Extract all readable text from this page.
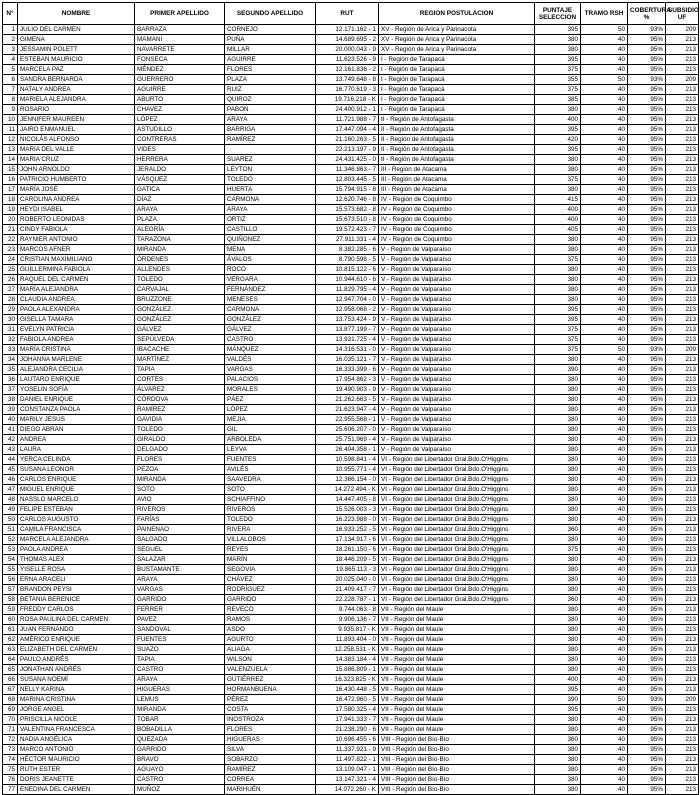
N°	NOMBRE	PRIMER APELLIDO	SEGUNDO APELLIDO	RUT	REGION POSTULACION	PUNTAJE SELECCION	TRAMO RSH	COBERTURA %	SUBSIDIO UF
1	JULIO DEL CARMEN	BARRAZA	CORNEJO	12.171.162 - 1	XV - Región de Arica y Parinacota	395	50	93%	209
2	GIMENA	MAMANI	PUÑA	14.689.695 - 2	XV - Región de Arica y Parinacota	380	40	95%	213
3	JESSAMIN POLETT	NAVARRETE	MILLAR	20.000.043 - 9	XV - Región de Arica y Parinacota	380	40	95%	213
4	ESTEBAN MAURICIO	FONSECA	AGUIRRE	11.623.526 - 9	I - Región de Tarapacá	395	40	95%	213
5	MARCELA PAZ	MÉNDEZ	FLORES	12.161.836 - 2	I - Región de Tarapacá	375	40	95%	213
6	SANDRA BERNARDA	GUERRERO	PLAZA	13.749.648 - 8	I - Región de Tarapacá	355	50	93%	209
7	NATALY ANDREA	AGUIRRE	RUIZ	16.770.619 - 3	I - Región de Tarapacá	375	40	95%	213
8	MARIELA ALEJANDRA	ABURTO	QUIROZ	19.716.218 - K	I - Región de Tarapacá	385	40	95%	213
9	ROSARIO	CHAVEZ	PABON	24.400.912 - 1	I - Región de Tarapacá	380	40	95%	213
10	JENNIFER MAUREEN	LÓPEZ	ARAYA	11.721.988 - 7	II - Región de Antofagasta	400	40	95%	213
11	JAIRO ENMANUEL	ASTUDILLO	BARRIGA	17.447.094 - 4	II - Región de Antofagasta	395	40	95%	213
12	NICOLÁS ALFONSO	CONTRERAS	RAMÍREZ	21.160.263 - 5	II - Región de Antofagasta	420	40	95%	213
13	MARIA DEL VALLE	VIDES		22.213.197 - 9	II - Región de Antofagasta	395	40	95%	213
14	MARIA CRUZ	HERRERA	SUAREZ	24.431.425 - 0	II - Región de Antofagasta	380	40	95%	213
15	JOHN ARNOLDO	JERALDO	LEYTON	11.346.863 - 7	III - Región de Atacama	380	40	95%	213
16	PATRICIO HUMBERTO	VÁSQUEZ	TOLEDO	12.803.445 - 5	III - Región de Atacama	375	40	95%	213
17	MARÍA JOSÉ	GATICA	HUERTA	15.794.915 - 8	III - Región de Atacama	380	40	95%	213
18	CAROLINA ANDREA	DÍAZ	CARMONA	12.620.746 - 8	IV - Región de Coquimbo	415	40	95%	213
19	HEYDI ISABEL	ARAYA	ARAYA	15.573.682 - 8	IV - Región de Coquimbo	400	40	95%	213
20	ROBERTO LEONIDAS	PLAZA	ORTIZ	15.673.510 - 8	IV - Región de Coquimbo	400	40	95%	213
21	CINDY FABIOLA	ALEGRÍA	CASTILLO	19.572.423 - 7	IV - Región de Coquimbo	405	40	95%	213
22	RAYNIER ANTONIO	TARAZONA	QUIÑONEZ	27.911.331 - 4	IV - Región de Coquimbo	380	40	95%	213
23	MARCOS AFNER	MIRANDA	MENA	8.382.285 - 6	V - Región de Valparaíso	380	40	95%	213
24	CRISTIAN MAXIMILIANO	ÓRDENES	ÁVALOS	8.790.598 - 5	V - Región de Valparaíso	375	40	95%	213
25	GUILLERMINA FABIOLA	ALLENDES	ROCO	10.815.122 - 6	V - Región de Valparaíso	380	40	95%	213
26	RAQUEL DEL CARMEN	TOLEDO	VERGARA	10.944.610 - 6	V - Región de Valparaíso	380	40	95%	213
27	MARÍA ALEJANDRA	CARVAJAL	FERNÁNDEZ	11.829.795 - 4	V - Región de Valparaíso	380	40	95%	213
28	CLAUDIA ANDREA	BRUZZONE	MENESES	12.947.704 - 0	V - Región de Valparaíso	380	40	95%	213
29	PAOLA ALEXANDRA	GONZÁLEZ	CARMONA	12.958.068 - 2	V - Región de Valparaíso	395	40	95%	213
30	GISELLA TAMARA	GONZÁLEZ	GONZÁLEZ	13.753.424 - 9	V - Región de Valparaíso	395	40	95%	213
31	EVELYN PATRICIA	GÁLVEZ	GÁLVEZ	13.877.199 - 7	V - Región de Valparaíso	375	40	95%	213
32	FABIOLA ANDREA	SEPÚLVEDA	CASTRO	13.931.725 - 4	V - Región de Valparaíso	375	40	95%	213
33	MARÍA CRISTINA	IBACACHE	MÁNQUEZ	14.316.531 - 0	V - Región de Valparaíso	375	50	93%	209
34	JOHANNA MARLENE	MARTÍNEZ	VALDÉS	16.035.121 - 7	V - Región de Valparaíso	380	40	95%	213
35	ALEJANDRA CECILIA	TAPIA	VARGAS	16.333.399 - 6	V - Región de Valparaíso	390	40	95%	213
36	LAUTARO ENRIQUE	CORTES	PALACIOS	17.954.862 - 3	V - Región de Valparaíso	380	40	95%	213
37	YOSELIN SOFÍA	ÁLVAREZ	MORALES	19.490.903 - 9	V - Región de Valparaíso	380	40	95%	213
38	DANIEL ENRIQUE	CÓRDOVA	PÁEZ	21.262.663 - 5	V - Región de Valparaíso	380	40	95%	213
39	CONSTANZA PAOLA	RAMÍREZ	LÓPEZ	21.623.947 - 4	V - Región de Valparaíso	380	40	95%	213
40	MARILY JESÚS	GAVIDIA	MEJIA	22.955.568 - 1	V - Región de Valparaíso	380	40	95%	213
41	DIEGO ABRAN	TOLEDO	GIL	25.606.207 - 0	V - Región de Valparaíso	380	40	95%	213
42	ANDREA	GIRALDO	ARBOLEDA	25.751.969 - 4	V - Región de Valparaíso	380	40	95%	213
43	LAURA	DELGADO	LEYVA	26.404.358 - 1	V - Región de Valparaíso	380	40	95%	213
44	YERCA CELINDA	FLORES	FUENTES	10.598.841 - 4	VI - Región del Libertador Gral.Bdo.O'Higgins	380	40	95%	213
45	SUSANA LEONOR	PEZOA	AVILÉS	10.955.771 - 4	VI - Región del Libertador Gral.Bdo.O'Higgins	380	40	95%	213
46	CARLOS ENRIQUE	MIRANDA	SAAVEDRA	12.366.154 - 0	VI - Región del Libertador Gral.Bdo.O'Higgins	380	40	95%	213
47	MIGUEL ENRIQUE	SOTO	SOTO	14.272.494 - K	VI - Región del Libertador Gral.Bdo.O'Higgins	380	40	95%	213
48	NASSLO MARCELO	AVIO	SCHIAFFINO	14.447.405 - 8	VI - Región del Libertador Gral.Bdo.O'Higgins	380	40	95%	213
49	FELIPE ESTEBAN	RIVEROS	RIVEROS	15.526.003 - 3	VI - Región del Libertador Gral.Bdo.O'Higgins	380	40	95%	213
50	CARLOS AUGUSTO	FARÍAS	TOLEDO	16.223.988 - 0	VI - Región del Libertador Gral.Bdo.O'Higgins	380	40	95%	213
51	CAMILA FRANCISCA	PAINENAO	RIVERA	16.933.252 - 5	VI - Región del Libertador Gral.Bdo.O'Higgins	360	40	95%	213
52	MARCELA ALEJANDRA	SALGADO	VILLALOBOS	17.134.917 - 6	VI - Región del Libertador Gral.Bdo.O'Higgins	380	40	95%	213
53	PAOLA ANDREA	SEGUEL	REYES	18.261.150 - 6	VI - Región del Libertador Gral.Bdo.O'Higgins	375	40	95%	213
54	THOMAS ALEX	SALAZAR	MARÍN	18.446.209 - 5	VI - Región del Libertador Gral.Bdo.O'Higgins	380	40	95%	213
55	YISELLE ROSA	BUSTAMANTE	SEGOVIA	19.865.113 - 3	VI - Región del Libertador Gral.Bdo.O'Higgins	380	40	95%	213
56	ERNA ARACELI	ARAYA	CHÁVEZ	20.025.040 - 0	VI - Región del Libertador Gral.Bdo.O'Higgins	380	40	95%	213
57	BRANDON PEYSI	VARGAS	RODRÍGUEZ	21.409.417 - 7	VI - Región del Libertador Gral.Bdo.O'Higgins	380	40	95%	213
58	BETANIA BERENICE	GARRIDO	GARRIDO	22.228.787 - 1	VI - Región del Libertador Gral.Bdo.O'Higgins	360	40	95%	213
59	FREDDY CARLOS	FERRER	REVECO	9.744.063 - 8	VII - Región del Maule	380	40	95%	213
60	ROSA PAULINA DEL CARMEN	PAVEZ	RAMOS	9.906.136 - 7	VII - Región del Maule	380	40	95%	213
61	JUAN FERNANDO	SANDOVAL	ASDO	9.935.817 - K	VII - Región del Maule	380	40	95%	213
62	AMÉRICO ENRIQUE	FUENTES	AGURTO	11.893.404 - 0	VII - Región del Maule	380	40	95%	213
63	ELIZABETH DEL CARMEN	SUAZO	ALIAGA	12.258.531 - K	VII - Región del Maule	380	40	95%	213
64	PAULO ANDRÉS	TAPIA	WILSON	14.383.184 - 4	VII - Región del Maule	380	40	95%	213
65	JONATHAN ANDRÉS	CASTRO	VALENZUELA	15.886.809 - 1	VII - Región del Maule	380	40	95%	213
66	SUSANA NOEMÍ	ARAYA	GUTIÉRREZ	16.323.825 - K	VII - Región del Maule	400	40	95%	213
67	NELLY KARINA	HIGUERAS	HORMANBUENA	16.430.448 - 5	VII - Región del Maule	395	40	95%	213
68	MARINA CRISTINA	LEMUS	PÉREZ	16.472.960 - 5	VII - Región del Maule	390	50	93%	209
69	JORGE ANGEL	MIRANDA	COSTA	17.580.325 - 4	VII - Región del Maule	395	40	95%	213
70	PRISCILLA NICOLE	TOBAR	INOSTROZA	17.941.333 - 7	VII - Región del Maule	380	40	95%	213
71	VALENTINA FRANCESCA	BOBADILLA	FLORES	21.238.290 - 6	VII - Región del Maule	380	40	95%	213
72	NADIA ANGÉLICA	QUEZADA	HIGUERAS	10.696.455 - 6	VIII - Región del Bío-Bío	360	40	95%	213
73	MARCO ANTONIO	GARRIDO	SILVA	11.337.921 - 9	VIII - Región del Bío-Bío	380	40	95%	213
74	HÉCTOR MAURICIO	BRAVO	SOBARZO	11.497.822 - 1	VIII - Región del Bío-Bío	380	40	95%	213
75	RUTH ESTER	AGUAYO	RAMÍREZ	13.109.047 - 1	VIII - Región del Bío-Bío	380	40	95%	213
76	DORIS JEANETTE	CASTRO	CORREA	13.147.321 - 4	VIII - Región del Bío-Bío	380	40	95%	213
77	ENEDINA DEL CARMEN	MUÑOZ	MARIHUÉN	14.072.260 - K	VIII - Región del Bío-Bío	380	40	95%	213
